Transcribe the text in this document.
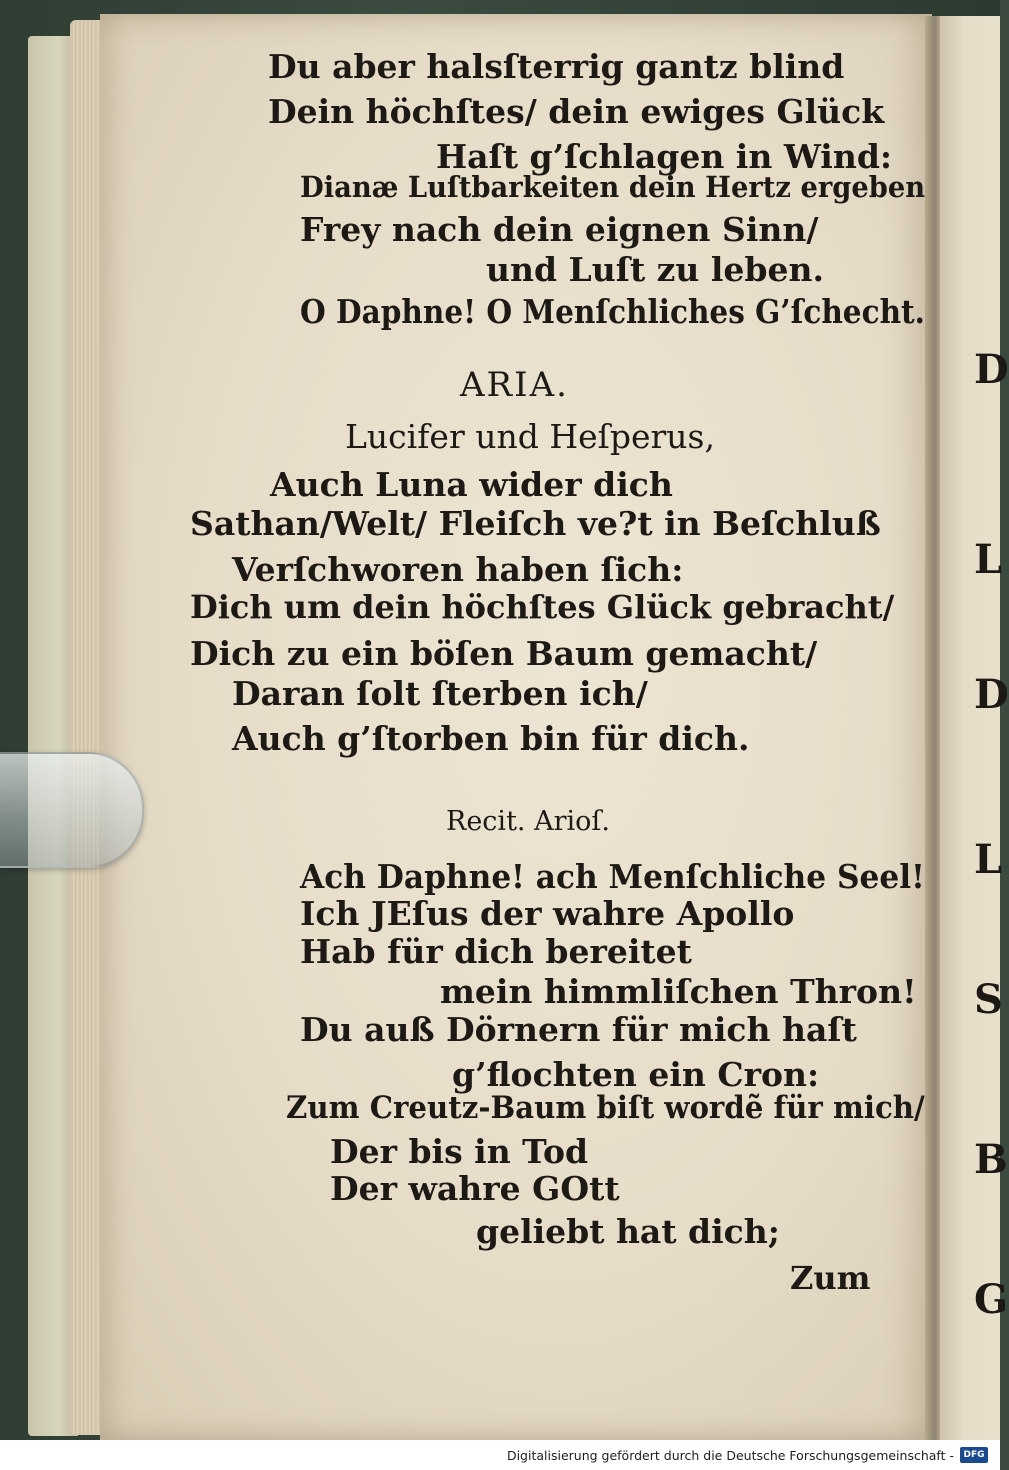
D
L
D
L
S
B
G
Du aber halsſterrig gantz blind
Dein höchſtes/ dein ewiges Glück
Haſt g’ſchlagen in Wind:
Dianæ Luſtbarkeiten dein Hertz ergeben
Frey nach dein eignen Sinn/
und Luſt zu leben.
O Daphne! O Menſchliches G’ſchecht.
ARIA.
Lucifer und Heſperus,
Auch Luna wider dich
Sathan/Welt/ Fleiſch ve?t in Beſchluß
Verſchworen haben ſich:
Dich um dein höchſtes Glück gebracht/
Dich zu ein böſen Baum gemacht/
Daran ſolt ſterben ich/
Auch g’ſtorben bin für dich.
Recit. Arioſ.
Ach Daphne! ach Menſchliche Seel!
Ich JEſus der wahre Apollo
Hab für dich bereitet
mein himmliſchen Thron!
Du auß Dörnern für mich haſt
g’flochten ein Cron:
Zum Creutz-Baum biſt wordẽ für mich/
Der bis in Tod
Der wahre GOtt
geliebt hat dich;
Zum
Digitalisierung gefördert durch die Deutsche Forschungsgemeinschaft -	DFG
